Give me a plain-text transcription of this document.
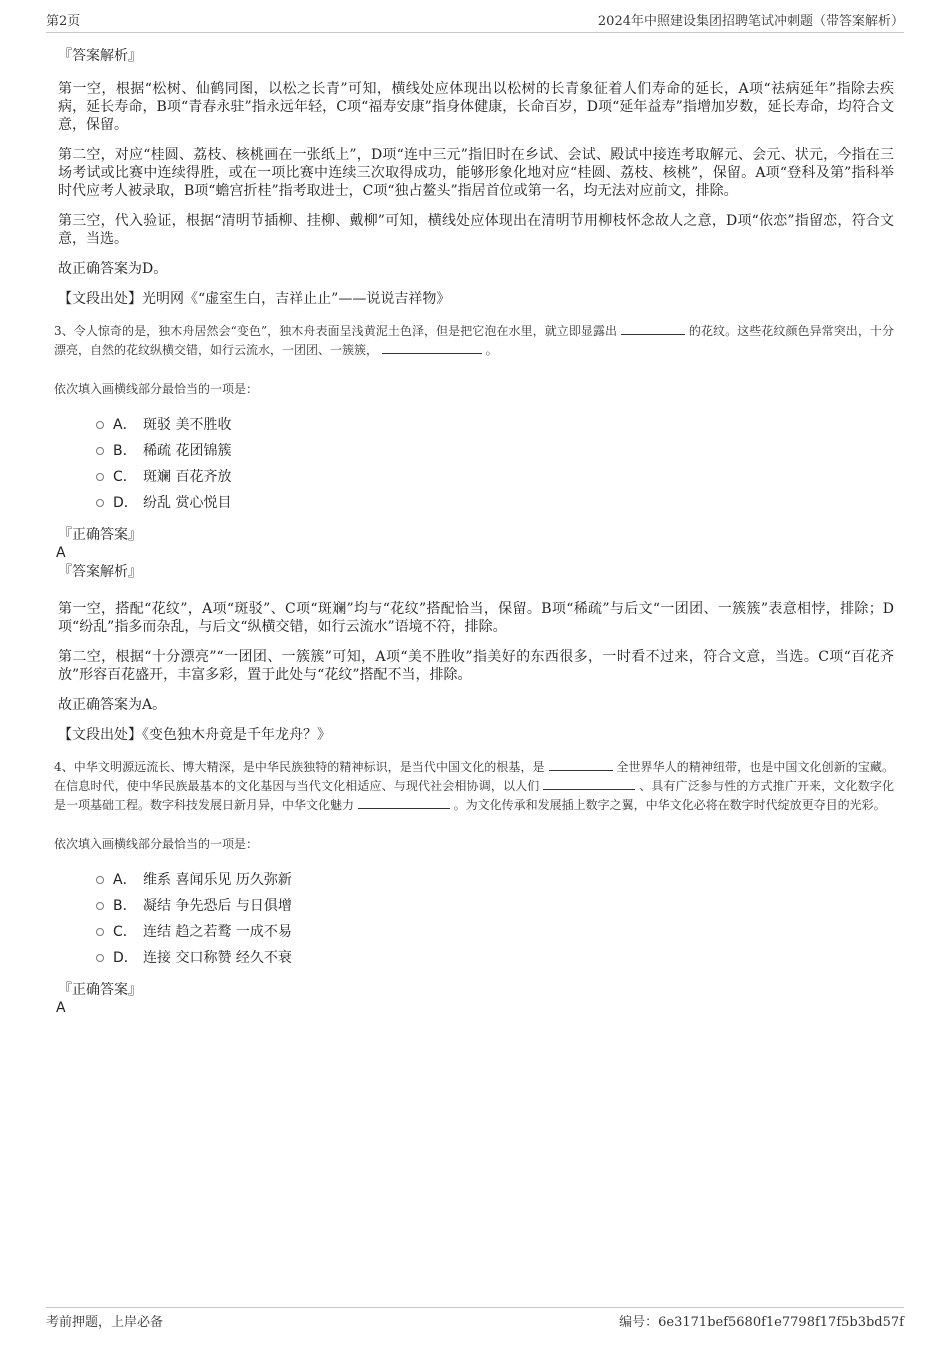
第2页	2024年中照建设集团招聘笔试冲刺题（带答案解析）

『答案解析』

第一空，根据“松树、仙鹤同图，以松之长青”可知，横线处应体现出以松树的长青象征着人们寿命的延长，A项“祛病延年”指除去疾病，延长寿命，B项“青春永驻”指永远年轻，C项“福寿安康”指身体健康，长命百岁，D项“延年益寿”指增加岁数，延长寿命，均符合文意，保留。

第二空，对应“桂圆、荔枝、核桃画在一张纸上”，D项“连中三元”指旧时在乡试、会试、殿试中接连考取解元、会元、状元，今指在三场考试或比赛中连续得胜，或在一项比赛中连续三次取得成功，能够形象化地对应“桂圆、荔枝、核桃”，保留。A项“登科及第”指科举时代应考人被录取，B项“蟾宫折桂”指考取进士，C项“独占鳌头”指居首位或第一名，均无法对应前文，排除。

第三空，代入验证，根据“清明节插柳、挂柳、戴柳”可知，横线处应体现出在清明节用柳枝怀念故人之意，D项“依恋”指留恋，符合文意，当选。

故正确答案为D。

【文段出处】光明网《“虚室生白，吉祥止止”——说说吉祥物》

3、令人惊奇的是，独木舟居然会“变色”，独木舟表面呈浅黄泥土色泽，但是把它泡在水里，就立即显露出	的花纹。这些花纹颜色异常突出，十分漂亮，自然的花纹纵横交错，如行云流水，一团团、一簇簇，	。

依次填入画横线部分最恰当的一项是：

A． 斑驳 美不胜收
B． 稀疏 花团锦簇
C． 斑斓 百花齐放
D． 纷乱 赏心悦目

『正确答案』

A

『答案解析』

第一空，搭配“花纹”，A项“斑驳”、C项“斑斓”均与“花纹”搭配恰当，保留。B项“稀疏”与后文“一团团、一簇簇”表意相悖，排除；D项“纷乱”指多而杂乱，与后文“纵横交错，如行云流水”语境不符，排除。

第二空，根据“十分漂亮”“一团团、一簇簇”可知，A项“美不胜收”指美好的东西很多，一时看不过来，符合文意，当选。C项“百花齐放”形容百花盛开，丰富多彩，置于此处与“花纹”搭配不当，排除。

故正确答案为A。

【文段出处】《变色独木舟竟是千年龙舟？》

4、中华文明源远流长、博大精深，是中华民族独特的精神标识，是当代中国文化的根基，是	全世界华人的精神纽带，也是中国文化创新的宝藏。在信息时代，使中华民族最基本的文化基因与当代文化相适应、与现代社会相协调，以人们	、具有广泛参与性的方式推广开来，文化数字化是一项基础工程。数字科技发展日新月异，中华文化魅力	。为文化传承和发展插上数字之翼，中华文化必将在数字时代绽放更夺目的光彩。

依次填入画横线部分最恰当的一项是：

A． 维系 喜闻乐见 历久弥新
B． 凝结 争先恐后 与日俱增
C． 连结 趋之若鹜 一成不易
D． 连接 交口称赞 经久不衰

『正确答案』

A

考前押题，上岸必备	编号：6e3171bef5680f1e7798f17f5b3bd57f
